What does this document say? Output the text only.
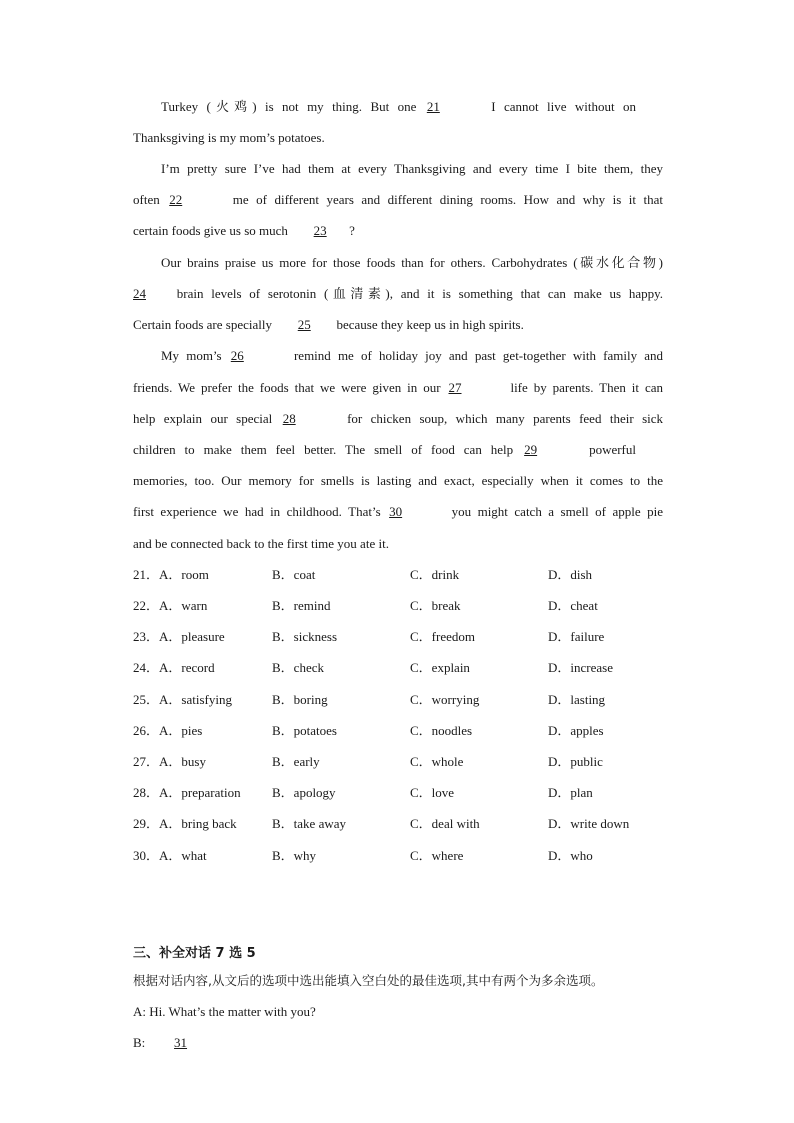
Turkey (火鸡) is not my thing. But one 21	I cannot live without on
Thanksgiving is my mom’s potatoes.
I’m pretty sure I’ve had them at every Thanksgiving and every time I bite them, they
often 22	me of different years and different dining rooms. How and why is it that
certain foods give us so much 23 ?
Our brains praise us more for those foods than for others. Carbohydrates (碳水化合物)
24 brain levels of serotonin (血清素), and it is something that can make us happy.
Certain foods are specially 25 because they keep us in high spirits.
My mom’s 26	remind me of holiday joy and past get-together with family and
friends. We prefer the foods that we were given in our 27	life by parents. Then it can
help explain our special 28	for chicken soup, which many parents feed their sick
children to make them feel better. The smell of food can help 29	powerful
memories, too. Our memory for smells is lasting and exact, especially when it comes to the
first experience we had in childhood. That’s 30	you might catch a smell of apple pie
and be connected back to the first time you ate it.
21．A．room	B．coat	C．drink	D．dish
22．A．warn	B．remind	C．break	D．cheat
23．A．pleasure	B．sickness	C．freedom	D．failure
24．A．record	B．check	C．explain	D．increase
25．A．satisfying	B．boring	C．worrying	D．lasting
26．A．pies	B．potatoes	C．noodles	D．apples
27．A．busy	B．early	C．whole	D．public
28．A．preparation B．apology	C．love	D．plan
29．A．bring back	B．take away	C．deal with	D．write down
30．A．what	B．why	C．where	D．who
三、补全对话 7 选 5
根据对话内容,从文后的选项中选出能填入空白处的最佳选项,其中有两个为多余选项。
A: Hi. What’s the matter with you?
B: 31
